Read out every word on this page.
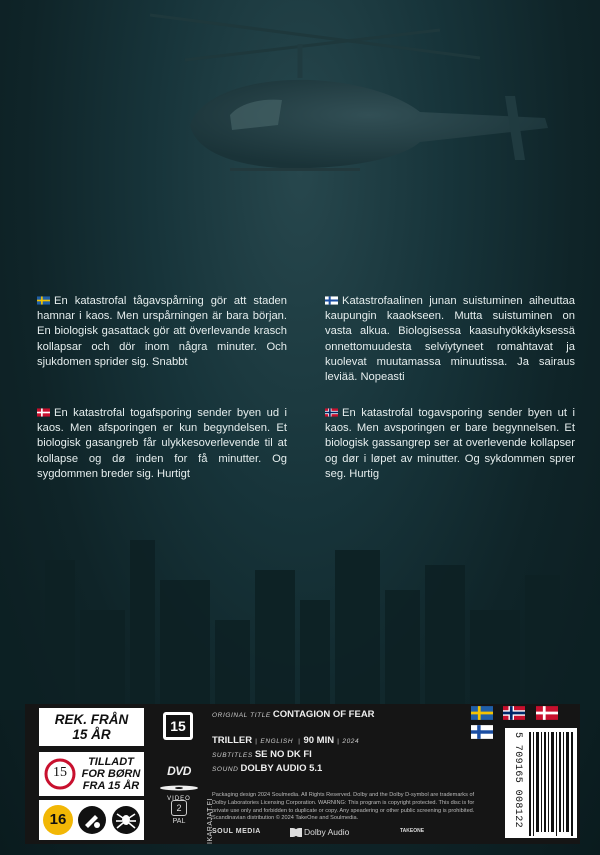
En katastrofal tågavspårning gör att staden hamnar i kaos. Men urspårningen är bara början. En biologisk gasattack gör att överlevande krasch kollapsar och dör inom några minuter. Och sjukdomen sprider sig. Snabbt
Katastrofaalinen junan suistuminen aiheuttaa kaupungin kaaokseen. Mutta suistuminen on vasta alkua. Biologisessa kaasuhyökkäyksessä onnettomuudesta selviytyneet romahtavat ja kuolevat muutamassa minuutissa. Ja sairaus leviää. Nopeasti
En katastrofal togafsporing sender byen ud i kaos. Men afsporingen er kun begyndelsen. Et biologisk gasangreb får ulykkesoverlevende til at kollapse og dø inden for få minutter. Og sygdommen breder sig. Hurtigt
En katastrofal togavsporing sender byen ut i kaos. Men avsporingen er bare begynnelsen. Et biologisk gassangrep ser at overlevende kollapser og dør i løpet av minutter. Og sykdommen sprer seg. Hurtig
REK. FRÅN
15 ÅR
15
TILLADT
FOR BØRN
FRA 15 ÅR
16
15
DVD
VIDEO
2
PAL	IKARAJAT.FI
ORIGINAL TITLE CONTAGION OF FEAR
TRILLER | ENGLISH | 90 MIN | 2024
SUBTITLES SE NO DK FI
SOUND DOLBY AUDIO 5.1
Packaging design 2024 Soulmedia. All Rights Reserved. Dolby and the Dolby D-symbol are trademarks of Dolby Laboratories Licensing Corporation. WARNING: This program is copyright protected. This disc is for private use only and forbidden to duplicate or copy. Any speadering or other public screening is prohibited. Scandinavian distribution © 2024 TakeOne and Soulmedia.
SOUL MEDIA	Dolby Audio	TAKEONE

5 709165 008122
